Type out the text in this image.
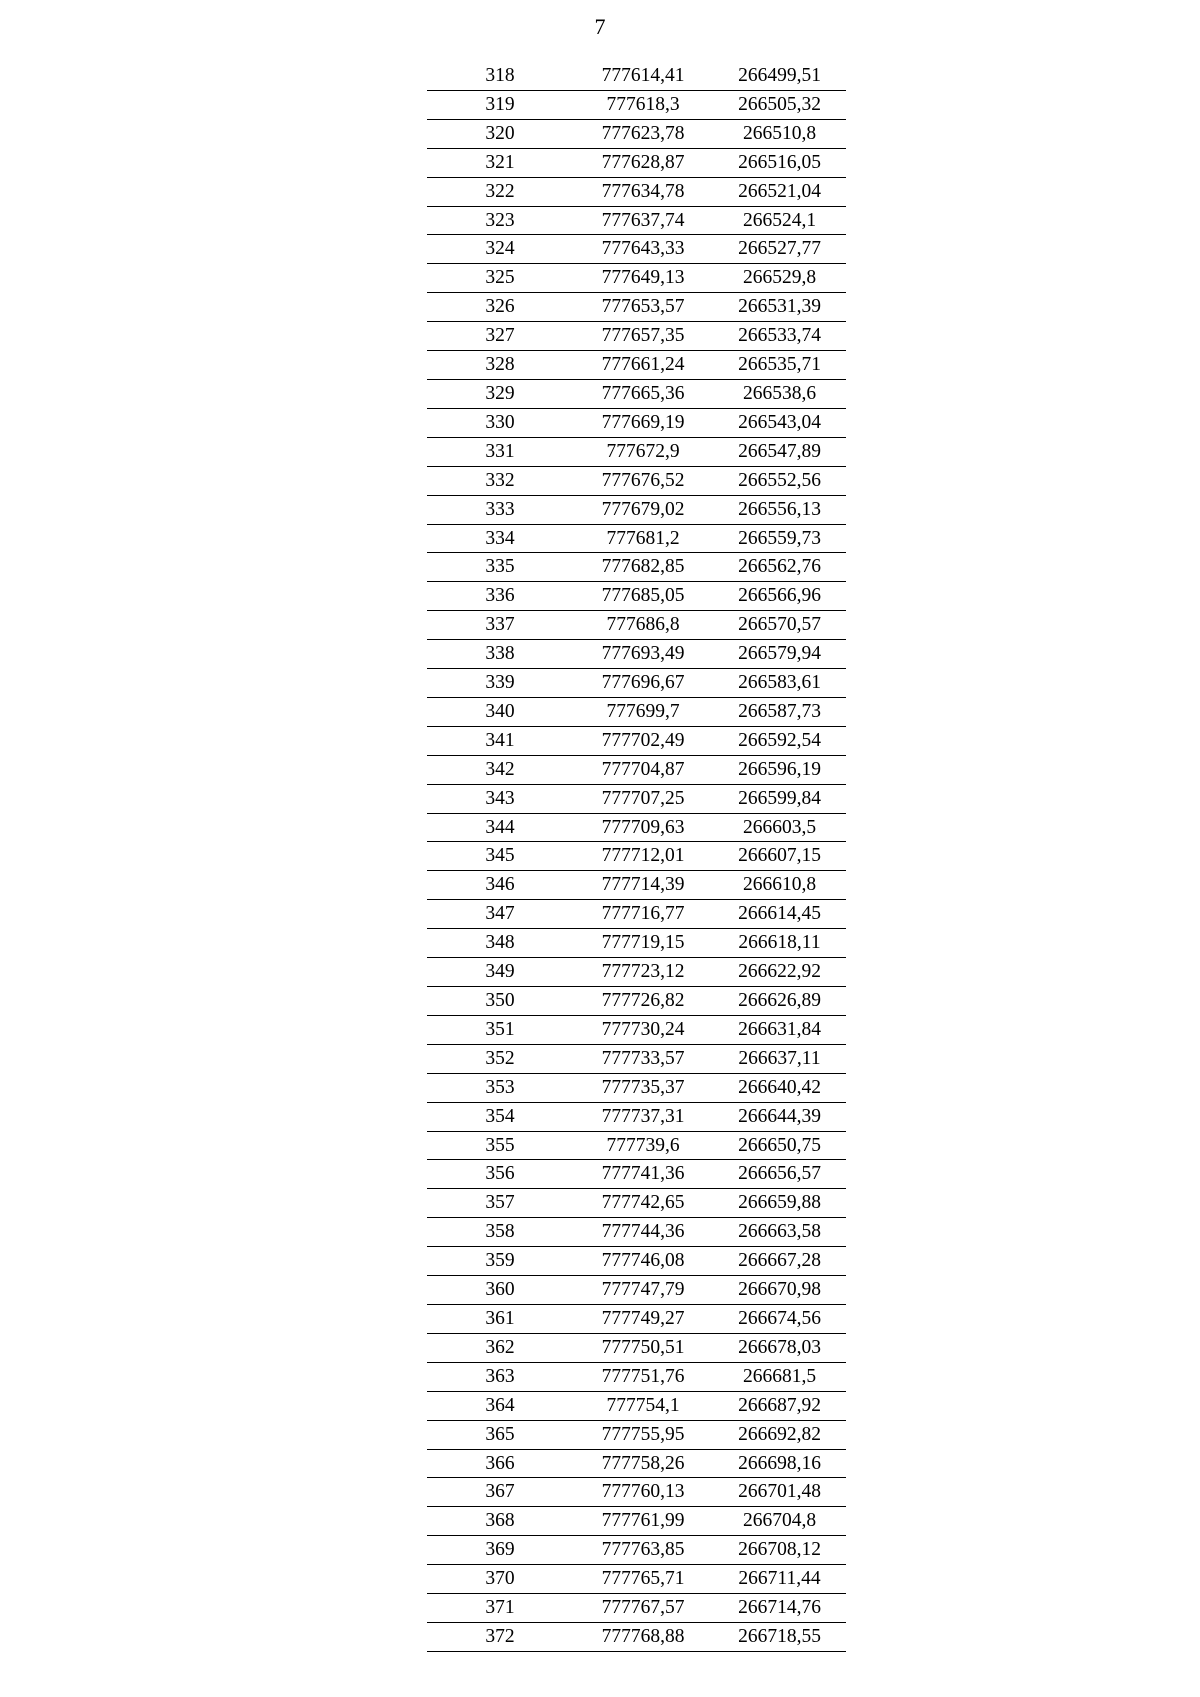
7
318	777614,41	266499,51
319	777618,3	266505,32
320	777623,78	266510,8
321	777628,87	266516,05
322	777634,78	266521,04
323	777637,74	266524,1
324	777643,33	266527,77
325	777649,13	266529,8
326	777653,57	266531,39
327	777657,35	266533,74
328	777661,24	266535,71
329	777665,36	266538,6
330	777669,19	266543,04
331	777672,9	266547,89
332	777676,52	266552,56
333	777679,02	266556,13
334	777681,2	266559,73
335	777682,85	266562,76
336	777685,05	266566,96
337	777686,8	266570,57
338	777693,49	266579,94
339	777696,67	266583,61
340	777699,7	266587,73
341	777702,49	266592,54
342	777704,87	266596,19
343	777707,25	266599,84
344	777709,63	266603,5
345	777712,01	266607,15
346	777714,39	266610,8
347	777716,77	266614,45
348	777719,15	266618,11
349	777723,12	266622,92
350	777726,82	266626,89
351	777730,24	266631,84
352	777733,57	266637,11
353	777735,37	266640,42
354	777737,31	266644,39
355	777739,6	266650,75
356	777741,36	266656,57
357	777742,65	266659,88
358	777744,36	266663,58
359	777746,08	266667,28
360	777747,79	266670,98
361	777749,27	266674,56
362	777750,51	266678,03
363	777751,76	266681,5
364	777754,1	266687,92
365	777755,95	266692,82
366	777758,26	266698,16
367	777760,13	266701,48
368	777761,99	266704,8
369	777763,85	266708,12
370	777765,71	266711,44
371	777767,57	266714,76
372	777768,88	266718,55
